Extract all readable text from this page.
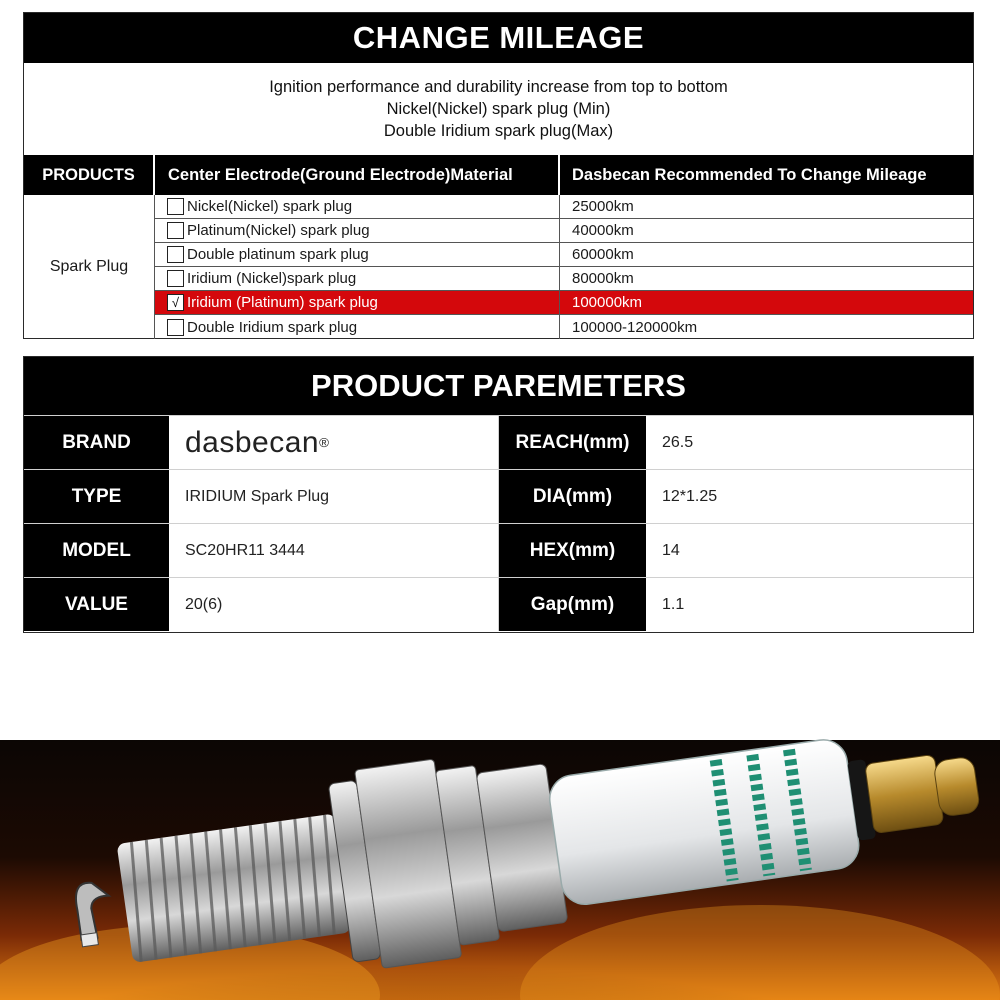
CHANGE MILEAGE
Ignition performance and durability increase from top to bottom
Nickel(Nickel) spark plug (Min)
Double Iridium spark plug(Max)
PRODUCTS	Center Electrode(Ground Electrode)Material	Dasbecan Recommended To Change Mileage
Spark Plug
Nickel(Nickel) spark plug	25000km
Platinum(Nickel) spark plug	40000km
Double platinum spark plug	60000km
Iridium (Nickel)spark plug	80000km
√ Iridium (Platinum) spark plug	100000km
Double Iridium spark plug	100000-120000km
PRODUCT PAREMETERS
BRAND	dasbecan ®	REACH(mm)	26.5
TYPE	IRIDIUM Spark Plug	DIA(mm)	12*1.25
MODEL	SC20HR11 3444	HEX(mm)	14
VALUE	20(6)	Gap(mm)	1.1
